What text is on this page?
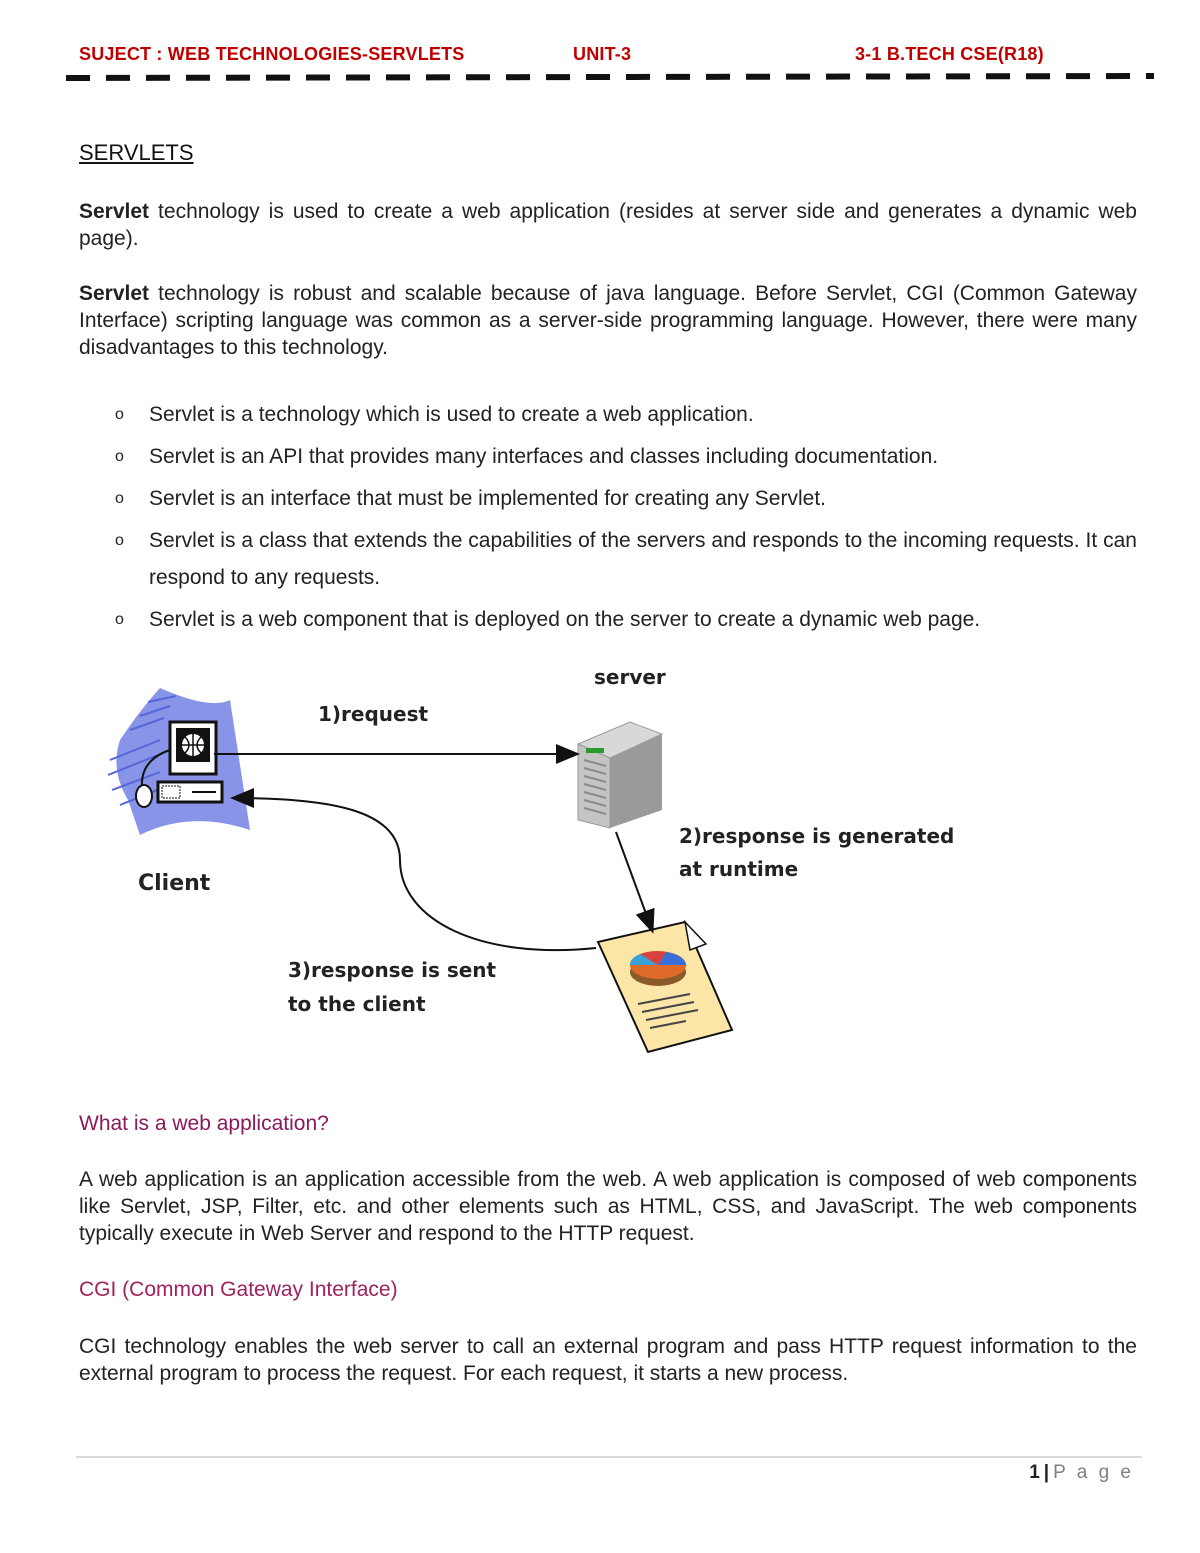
SUJECT : WEB TECHNOLOGIES-SERVLETS	UNIT-3	3-1 B.TECH CSE(R18)
SERVLETS

Servlet technology is used to create a web application (resides at server side and generates a dynamic web page).

Servlet technology is robust and scalable because of java language. Before Servlet, CGI (Common Gateway Interface) scripting language was common as a server-side programming language. However, there were many disadvantages to this technology.

o Servlet is a technology which is used to create a web application.
o Servlet is an API that provides many interfaces and classes including documentation.
o Servlet is an interface that must be implemented for creating any Servlet.
o Servlet is a class that extends the capabilities of the servers and responds to the incoming requests. It can respond to any requests.
o Servlet is a web component that is deployed on the server to create a dynamic web page.
server
1)request
Client
2)response is generated
at runtime
3)response is sent
to the client
What is a web application?

A web application is an application accessible from the web. A web application is composed of web components like Servlet, JSP, Filter, etc. and other elements such as HTML, CSS, and JavaScript. The web components typically execute in Web Server and respond to the HTTP request.

CGI (Common Gateway Interface)

CGI technology enables the web server to call an external program and pass HTTP request information to the external program to process the request. For each request, it starts a new process.

1 | P a g e
